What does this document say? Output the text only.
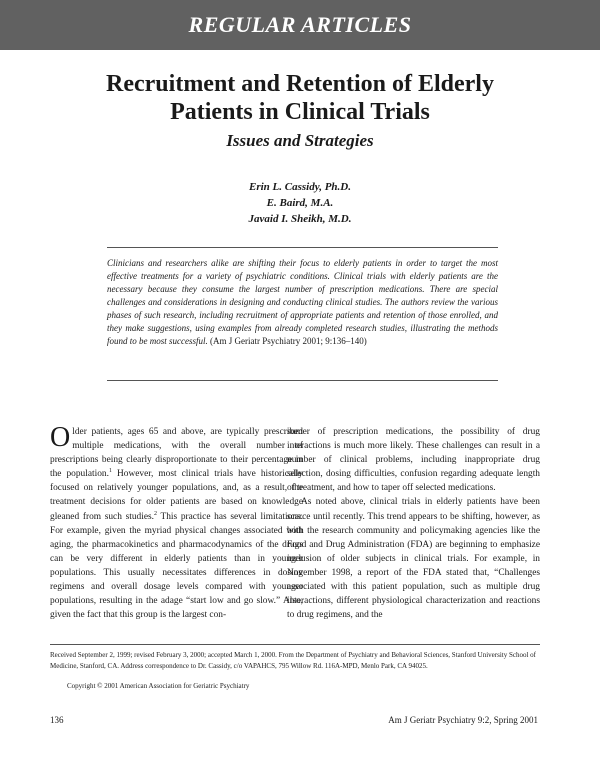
REGULAR ARTICLES
Recruitment and Retention of Elderly
Patients in Clinical Trials
Issues and Strategies
Erin L. Cassidy, Ph.D.
E. Baird, M.A.
Javaid I. Sheikh, M.D.
Clinicians and researchers alike are shifting their focus to elderly patients in order to target the most effective treatments for a variety of psychiatric conditions. Clinical trials with elderly patients are the necessary because they consume the largest number of prescription medications. There are special challenges and considerations in designing and conducting clinical studies. The authors review the various phases of such research, including recruitment of appropriate patients and retention of those enrolled, and they make suggestions, using examples from already completed research studies, illustrating the methods found to be most successful. (Am J Geriatr Psychiatry 2001; 9:136–140)

Older patients, ages 65 and above, are typically prescribed multiple medications, with the overall number of prescriptions being clearly disproportionate to their percentage in the population.$^1$ However, most clinical trials have historically focused on relatively younger populations, and, as a result, the treatment decisions for older patients are based on knowledge gleaned from such studies.$^2$ This practice has several limitations. For example, given the myriad physical changes associated with aging, the pharmacokinetics and pharmacodynamics of the drugs can be very different in elderly patients than in younger populations. This usually necessitates differences in dosing regimens and overall dosage levels compared with younger populations, resulting in the adage “start low and go slow.” Also, given the fact that this group is the largest con-

sumer of prescription medications, the possibility of drug interactions is much more likely. These challenges can result in a number of clinical problems, including inappropriate drug selection, dosing difficulties, confusion regarding adequate length of treatment, and how to taper off selected medications.

As noted above, clinical trials in elderly patients have been scarce until recently. This trend appears to be shifting, however, as both the research community and policymaking agencies like the Food and Drug Administration (FDA) are beginning to emphasize inclusion of older subjects in clinical trials. For example, in November 1998, a report of the FDA stated that, “Challenges associated with this patient population, such as multiple drug interactions, different physiological characterization and reactions to drug regimens, and the

Received September 2, 1999; revised February 3, 2000; accepted March 1, 2000. From the Department of Psychiatry and Behavioral Sciences, Stanford University School of Medicine, Stanford, CA. Address correspondence to Dr. Cassidy, c/o VAPAHCS, 795 Willow Rd. 116A-MPD, Menlo Park, CA 94025.

Copyright © 2001 American Association for Geriatric Psychiatry

136	Am J Geriatr Psychiatry 9:2, Spring 2001
